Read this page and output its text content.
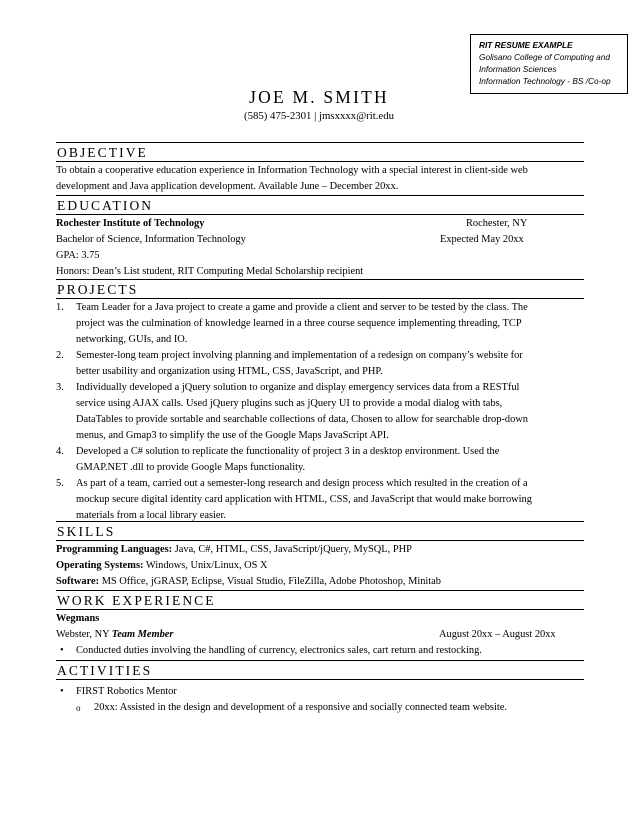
RIT RESUME EXAMPLE
Golisano College of Computing and
Information Sciences
Information Technology - BS /Co-op
JOE M. SMITH
(585) 475-2301 | jmsxxxx@rit.edu
OBJECTIVE
To obtain a cooperative education experience in Information Technology with a special interest in client-side web
development and Java application development. Available June – December 20xx.
EDUCATION
Rochester Institute of Technology	Rochester, NY
Bachelor of Science, Information Technology	Expected May 20xx
GPA: 3.75
Honors: Dean’s List student, RIT Computing Medal Scholarship recipient
PROJECTS
1. Team Leader for a Java project to create a game and provide a client and server to be tested by the class. The
project was the culmination of knowledge learned in a three course sequence implementing threading, TCP
networking, GUIs, and IO.
2. Semester-long team project involving planning and implementation of a redesign on company’s website for
better usability and organization using HTML, CSS, JavaScript, and PHP.
3. Individually developed a jQuery solution to organize and display emergency services data from a RESTful
service using AJAX calls. Used jQuery plugins such as jQuery UI to provide a modal dialog with tabs,
DataTables to provide sortable and searchable collections of data, Chosen to allow for searchable drop-down
menus, and Gmap3 to simplify the use of the Google Maps JavaScript API.
4. Developed a C# solution to replicate the functionality of project 3 in a desktop environment. Used the
GMAP.NET .dll to provide Google Maps functionality.
5. As part of a team, carried out a semester-long research and design process which resulted in the creation of a
mockup secure digital identity card application with HTML, CSS, and JavaScript that would make borrowing
materials from a local library easier.
SKILLS
Programming Languages: Java, C#, HTML, CSS, JavaScript/jQuery, MySQL, PHP
Operating Systems: Windows, Unix/Linux, OS X
Software: MS Office, jGRASP, Eclipse, Visual Studio, FileZilla, Adobe Photoshop, Minitab
WORK EXPERIENCE
Wegmans
Webster, NY Team Member	August 20xx – August 20xx
• Conducted duties involving the handling of currency, electronics sales, cart return and restocking.
ACTIVITIES
• FIRST Robotics Mentor
o 20xx: Assisted in the design and development of a responsive and socially connected team website.
